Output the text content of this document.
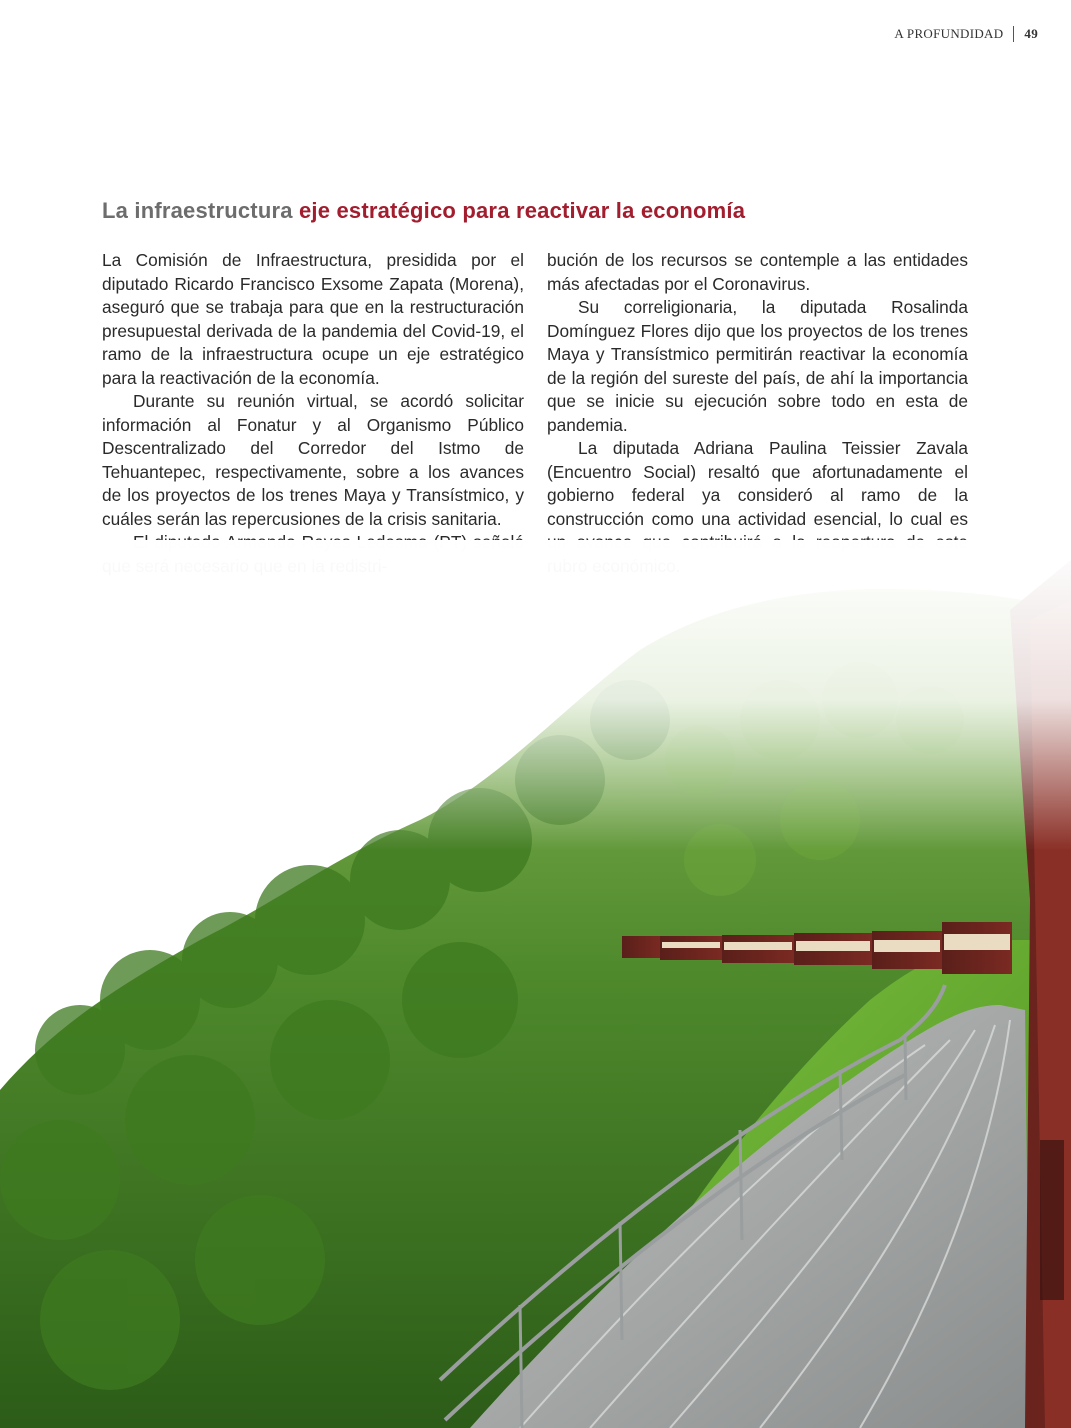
A PROFUNDIDAD 49
La infraestructura eje estratégico para reactivar la economía

La Comisión de Infraestructura, presidida por el diputado Ricardo Francisco Exsome Zapata (Morena), aseguró que se trabaja para que en la restructuración presupuestal derivada de la pandemia del Covid-19, el ramo de la infraestructura ocupe un eje estratégico para la reactivación de la economía.

Durante su reunión virtual, se acordó solicitar información al Fonatur y al Organismo Público Descentralizado del Corredor del Istmo de Tehuantepec, respectivamente, sobre a los avances de los proyectos de los trenes Maya y Transístmico, y cuáles serán las repercusiones de la crisis sanitaria.

bución de los recursos se contemple a las entidades más afectadas por el Coronavirus.

Su correligionaria, la diputada Rosalinda Domínguez Flores dijo que los proyectos de los trenes Maya y Transístmico permitirán reactivar la economía de la región del sureste del país, de ahí la importancia que se inicie su ejecución sobre todo en esta de pandemia.

La diputada Adriana Paulina Teissier Zavala (Encuentro Social) resaltó que afortunadamente el gobierno federal ya consideró al ramo de la construcción como una actividad esencial, lo cual es
